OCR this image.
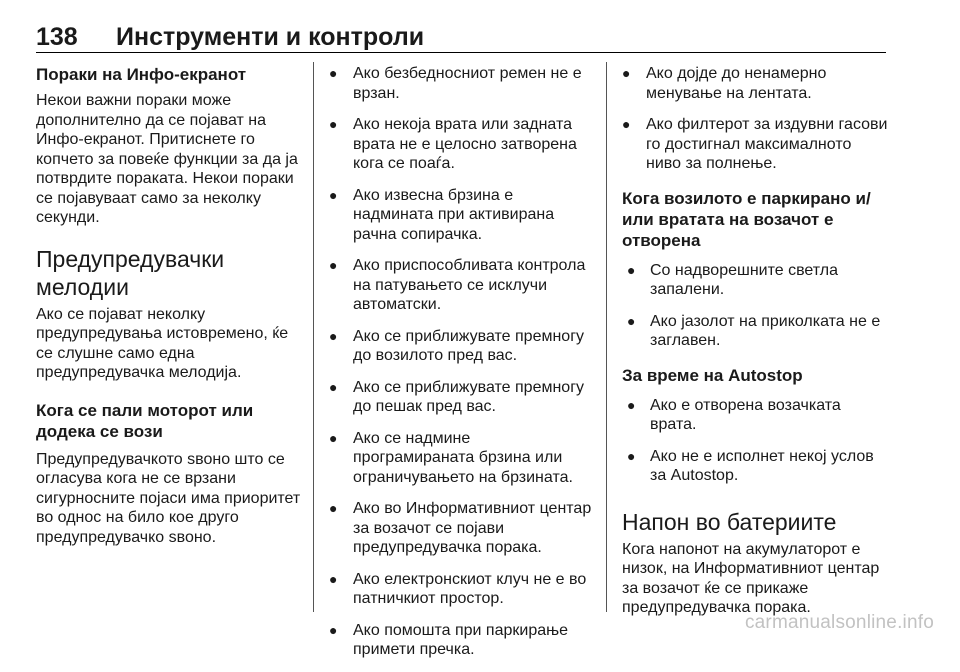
138 Инструменти и контроли
Пораки на Инфо-екранот

Некои важни пораки може дополнително да се појават на Инфо-екранот. Притиснете го копчето за повеќе функции за да ја потврдите пораката. Некои пораки се појавуваат само за неколку секунди.

Предупредувачки мелодии

Ако се појават неколку предупредувања истовремено, ќе се слушне само една предупредувачка мелодија.

Кога се пали моторот или додека се вози

Предупредувачкото ѕвоно што се огласува кога не се врзани сигурносните појаси има приоритет во однос на било кое друго предупредувачко ѕвоно.

● Ако безбедносниот ремен не е врзан.
● Ако некоја врата или задната врата не е целосно затворена кога се поаѓа.
● Ако извесна брзина е надмината при активирана рачна сопирачка.
● Ако приспособливата контрола на патувањето се исклучи автоматски.
● Ако се приближувате премногу до возилото пред вас.
● Ако се приближувате премногу до пешак пред вас.
● Ако се надмине програмираната брзина или ограничувањето на брзината.
● Ако во Информативниот центар за возачот се појави предупредувачка порака.
● Ако електронскиот клуч не е во патничкиот простор.
● Ако помошта при паркирање примети пречка.
● Ако дојде до ненамерно менување на лентата.
● Ако филтерот за издувни гасови го достигнал максималното ниво за полнење.
Кога возилото е паркирано и/или вратата на возачот е отворена
● Со надворешните светла запалени.
● Ако јазолот на приколката не е заглавен.
За време на Autostop
● Ако е отворена возачката врата.
● Ако не е исполнет некој услов за Autostop.
Напон во батериите

Кога напонот на акумулаторот е низок, на Информативниот центар за возачот ќе се прикаже предупредувачка порака.

carmanualsonline.info
